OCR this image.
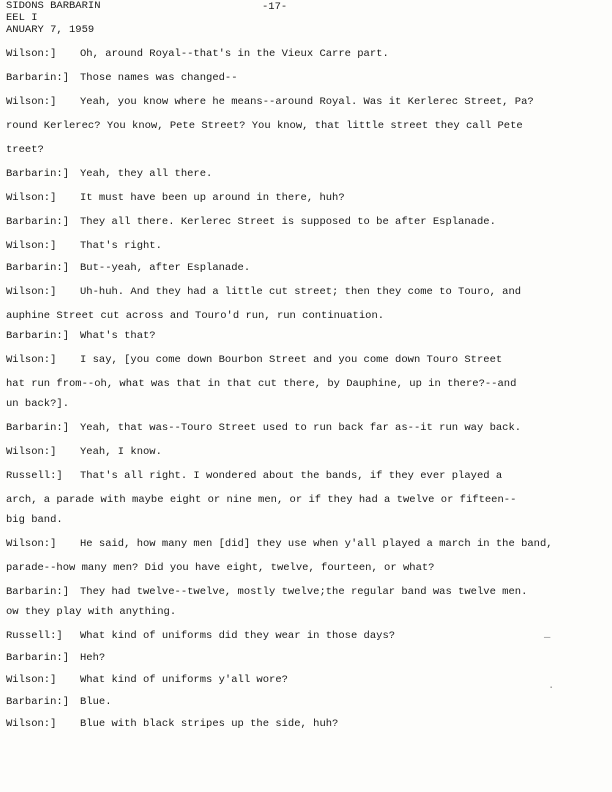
SIDONS BARBARIN	-17-
EEL I
ANUARY 7, 1959
Wilson:]	Oh, around Royal--that's in the Vieux Carre part.
Barbarin:]	Those names was changed--
Wilson:]	Yeah, you know where he means--around Royal. Was it Kerlerec Street, Pa?
round Kerlerec? You know, Pete Street? You know, that little street they call Pete
treet?
Barbarin:]	Yeah, they all there.
Wilson:]	It must have been up around in there, huh?
Barbarin:]	They all there. Kerlerec Street is supposed to be after Esplanade.
Wilson:]	That's right.
Barbarin:]	But--yeah, after Esplanade.
Wilson:]	Uh-huh. And they had a little cut street; then they come to Touro, and
auphine Street cut across and Touro'd run, run continuation.
Barbarin:]	What's that?
Wilson:]	I say, [you come down Bourbon Street and you come down Touro Street
hat run from--oh, what was that in that cut there, by Dauphine, up in there?--and
un back?].
Barbarin:]	Yeah, that was--Touro Street used to run back far as--it run way back.
Wilson:]	Yeah, I know.
Russell:]	That's all right. I wondered about the bands, if they ever played a
arch, a parade with maybe eight or nine men, or if they had a twelve or fifteen--
big band.
Wilson:]	He said, how many men [did] they use when y'all played a march in the band,
parade--how many men? Did you have eight, twelve, fourteen, or what?
Barbarin:]	They had twelve--twelve, mostly twelve;the regular band was twelve men.
ow they play with anything.
Russell:]	What kind of uniforms did they wear in those days?
Barbarin:]	Heh?
Wilson:]	What kind of uniforms y'all wore?
Barbarin:]	Blue.
Wilson:]	Blue with black stripes up the side, huh?
—
.
